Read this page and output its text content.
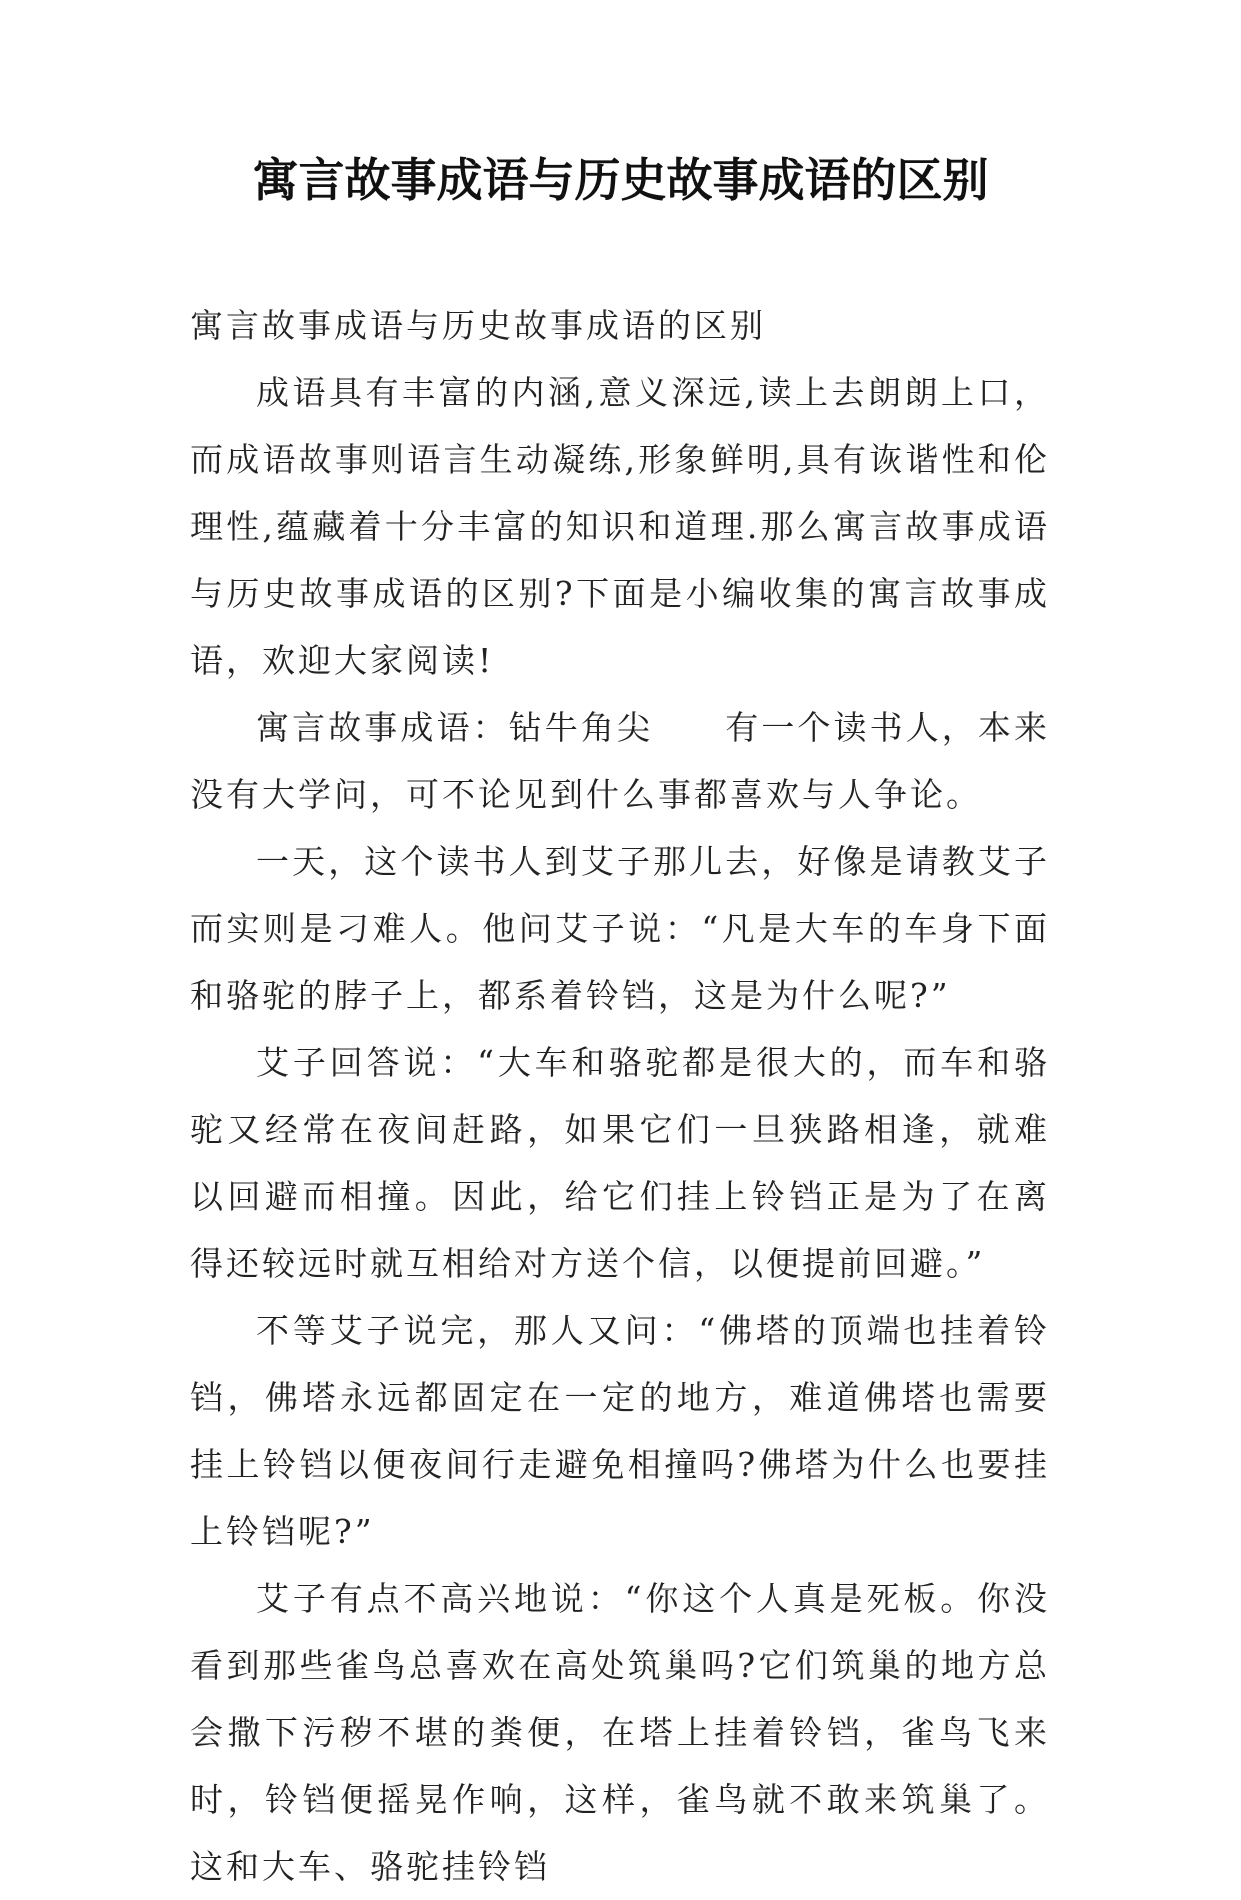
寓言故事成语与历史故事成语的区别

寓言故事成语与历史故事成语的区别

成语具有丰富的内涵,意义深远,读上去朗朗上口，而成语故事则语言生动凝练,形象鲜明,具有诙谐性和伦理性,蕴藏着十分丰富的知识和道理.那么寓言故事成语与历史故事成语的区别?下面是小编收集的寓言故事成语，欢迎大家阅读!

寓言故事成语：钻牛角尖　　有一个读书人，本来没有大学问，可不论见到什么事都喜欢与人争论。

一天，这个读书人到艾子那儿去，好像是请教艾子而实则是刁难人。他问艾子说：“凡是大车的车身下面和骆驼的脖子上，都系着铃铛，这是为什么呢?”

艾子回答说：“大车和骆驼都是很大的，而车和骆驼又经常在夜间赶路，如果它们一旦狭路相逢，就难以回避而相撞。因此，给它们挂上铃铛正是为了在离得还较远时就互相给对方送个信，以便提前回避。”

不等艾子说完，那人又问：“佛塔的顶端也挂着铃铛，佛塔永远都固定在一定的地方，难道佛塔也需要挂上铃铛以便夜间行走避免相撞吗?佛塔为什么也要挂上铃铛呢?”

艾子有点不高兴地说：“你这个人真是死板。你没看到那些雀鸟总喜欢在高处筑巢吗?它们筑巢的地方总会撒下污秽不堪的粪便，在塔上挂着铃铛，雀鸟飞来时，铃铛便摇晃作响，这样，雀鸟就不敢来筑巢了。这和大车、骆驼挂铃铛
